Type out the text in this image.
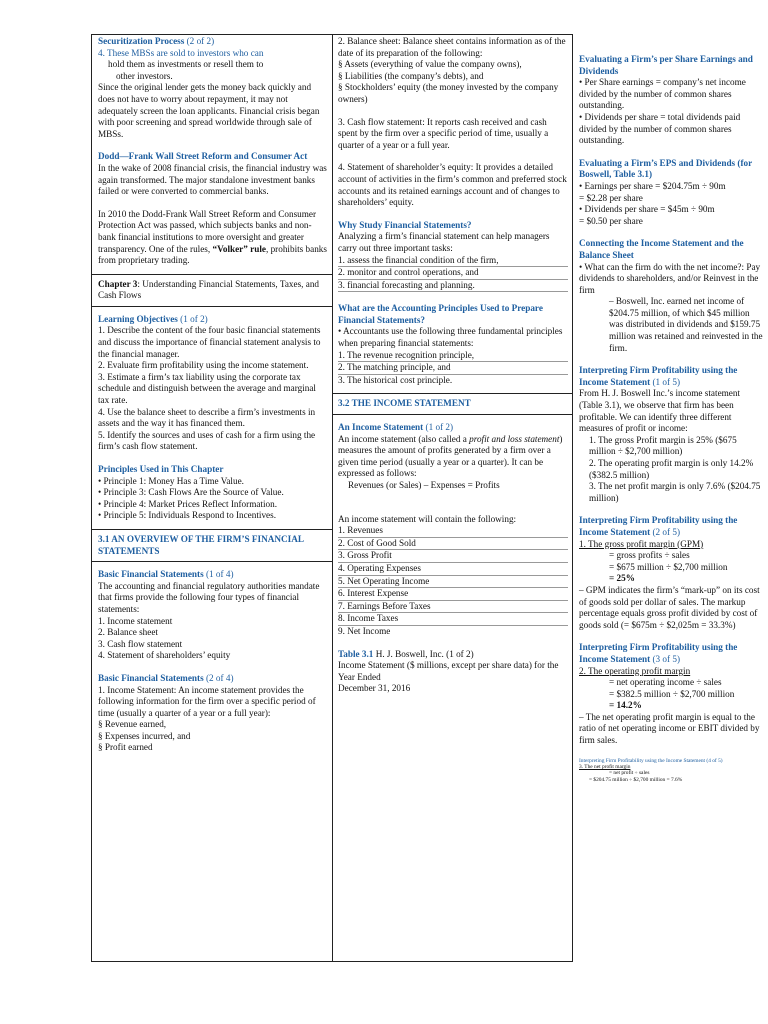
Securitization Process (2 of 2)

4. These MBSs are sold to investors who can

hold them as investments or resell them to

other investors.

Since the original lender gets the money back quickly and does not have to worry about repayment, it may not adequately screen the loan applicants. Financial crisis began with poor screening and spread worldwide through sale of MBSs.

Dodd—Frank Wall Street Reform and Consumer Act

In the wake of 2008 financial crisis, the financial industry was again transformed. The major standalone investment banks failed or were converted to commercial banks.

In 2010 the Dodd-Frank Wall Street Reform and Consumer Protection Act was passed, which subjects banks and non-bank financial institutions to more oversight and greater transparency. One of the rules, “Volker” rule, prohibits banks from proprietary trading.

Chapter 3: Understanding Financial Statements, Taxes, and Cash Flows

Learning Objectives (1 of 2)

1. Describe the content of the four basic financial statements and discuss the importance of financial statement analysis to the financial manager.

2. Evaluate firm profitability using the income statement.

3. Estimate a firm’s tax liability using the corporate tax schedule and distinguish between the average and marginal tax rate.

4. Use the balance sheet to describe a firm’s investments in assets and the way it has financed them.

5. Identify the sources and uses of cash for a firm using the firm’s cash flow statement.

Principles Used in This Chapter

• Principle 1: Money Has a Time Value.

• Principle 3: Cash Flows Are the Source of Value.

• Principle 4: Market Prices Reflect Information.

• Principle 5: Individuals Respond to Incentives.

3.1 AN OVERVIEW OF THE FIRM’S FINANCIAL STATEMENTS

Basic Financial Statements (1 of 4)

The accounting and financial regulatory authorities mandate that firms provide the following four types of financial statements:

1. Income statement

2. Balance sheet

3. Cash flow statement

4. Statement of shareholders’ equity

Basic Financial Statements (2 of 4)

1. Income Statement: An income statement provides the following information for the firm over a specific period of time (usually a quarter of a year or a full year):

§ Revenue earned,

§ Expenses incurred, and

§ Profit earned

2. Balance sheet: Balance sheet contains information as of the date of its preparation of the following:

§ Assets (everything of value the company owns),

§ Liabilities (the company’s debts), and

§ Stockholders’ equity (the money invested by the company owners)

3. Cash flow statement: It reports cash received and cash spent by the firm over a specific period of time, usually a quarter of a year or a full year.

4. Statement of shareholder’s equity: It provides a detailed account of activities in the firm’s common and preferred stock accounts and its retained earnings account and of changes to shareholders’ equity.

Why Study Financial Statements?

Analyzing a firm’s financial statement can help managers carry out three important tasks:

1. assess the financial condition of the firm,

2. monitor and control operations, and

3. financial forecasting and planning.

What are the Accounting Principles Used to Prepare Financial Statements?

• Accountants use the following three fundamental principles when preparing financial statements:

1. The revenue recognition principle,

2. The matching principle, and

3. The historical cost principle.

3.2 THE INCOME STATEMENT

An Income Statement (1 of 2)

An income statement (also called a profit and loss statement) measures the amount of profits generated by a firm over a given time period (usually a year or a quarter). It can be expressed as follows:

Revenues (or Sales) – Expenses = Profits

An income statement will contain the following:

1. Revenues

2. Cost of Good Sold

3. Gross Profit

4. Operating Expenses

5. Net Operating Income

6. Interest Expense

7. Earnings Before Taxes

8. Income Taxes

9. Net Income

Table 3.1 H. J. Boswell, Inc. (1 of 2)

Income Statement ($ millions, except per share data) for the Year Ended

December 31, 2016

Evaluating a Firm’s per Share Earnings and Dividends

• Per Share earnings = company’s net income divided by the number of common shares outstanding.

• Dividends per share = total dividends paid divided by the number of common shares outstanding.

Evaluating a Firm’s EPS and Dividends (for Boswell, Table 3.1)

• Earnings per share = $204.75m ÷ 90m

= $2.28 per share

• Dividends per share = $45m ÷ 90m

= $0.50 per share

Connecting the Income Statement and the Balance Sheet

• What can the firm do with the net income?: Pay dividends to shareholders, and/or Reinvest in the firm

– Boswell, Inc. earned net income of $204.75 million, of which $45 million was distributed in dividends and $159.75 million was retained and reinvested in the firm.

Interpreting Firm Profitability using the Income Statement (1 of 5)

From H. J. Boswell Inc.’s income statement (Table 3.1), we observe that firm has been profitable. We can identify three different measures of profit or income:

1. The gross Profit margin is 25% ($675 million ÷ $2,700 million)

2. The operating profit margin is only 14.2% ($382.5 million)

3. The net profit margin is only 7.6% ($204.75 million)

Interpreting Firm Profitability using the Income Statement (2 of 5)

1. The gross profit margin (GPM)

= gross profits ÷ sales

= $675 million ÷ $2,700 million

= 25%

– GPM indicates the firm’s “mark-up” on its cost of goods sold per dollar of sales. The markup percentage equals gross profit divided by cost of goods sold (= $675m ÷ $2,025m = 33.3%)

Interpreting Firm Profitability using the Income Statement (3 of 5)

2. The operating profit margin

= net operating income ÷ sales

= $382.5 million ÷ $2,700 million

= 14.2%

– The net operating profit margin is equal to the ratio of net operating income or EBIT divided by firm sales.

Interpreting Firm Profitability using the Income Statement (4 of 5)

3. The net profit margin

= net profit ÷ sales

= $204.75 million ÷ $2,700 million = 7.6%
